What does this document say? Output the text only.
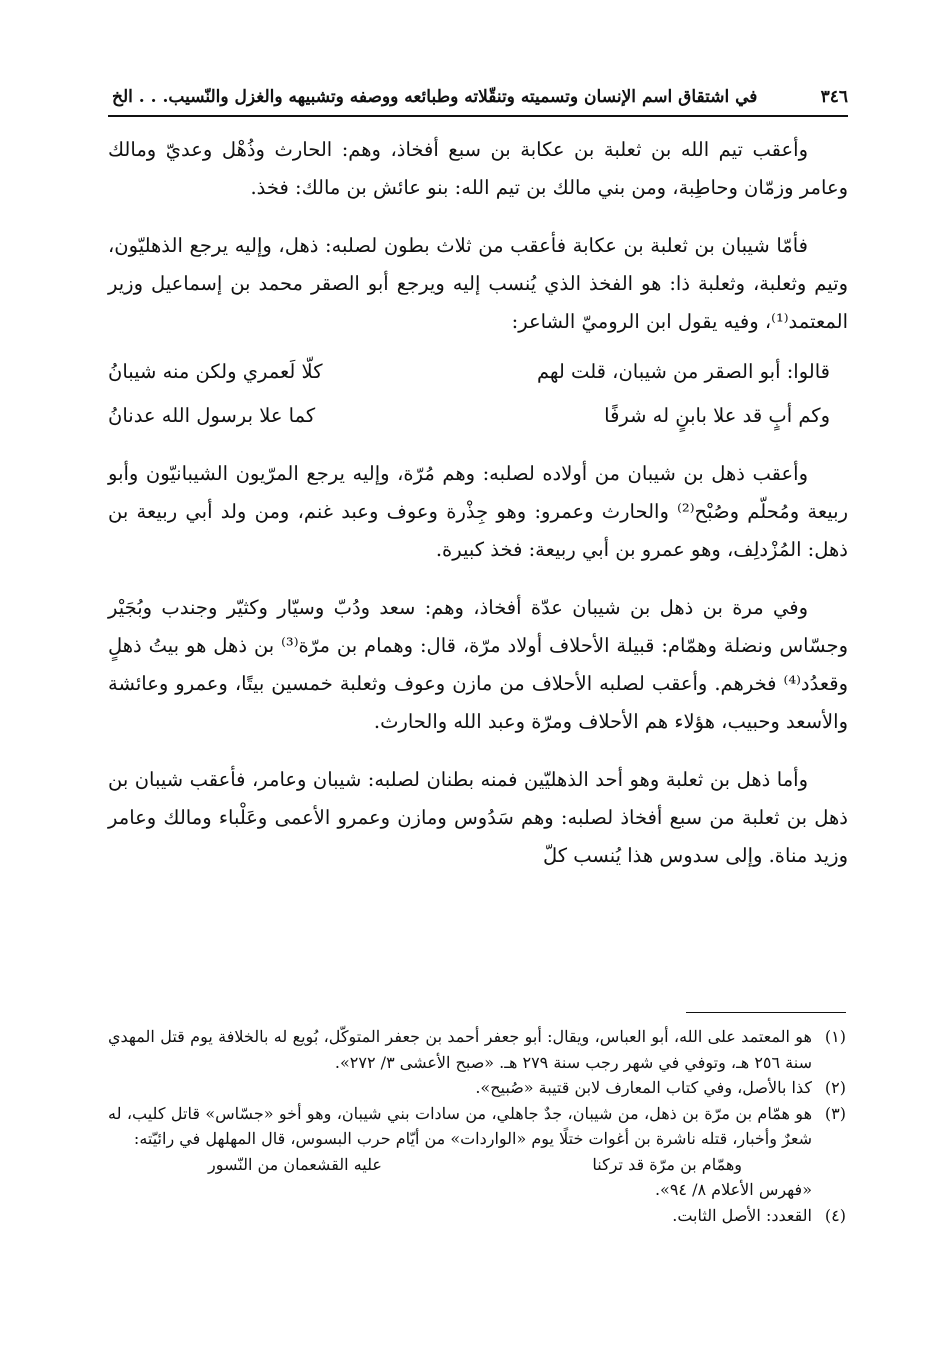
٣٤٦
في اشتقاق اسم الإنسان وتسميته وتنقّلاته وطبائعه ووصفه وتشبيهه والغزل والنّسيب. . . الخ

وأعقب تيم الله بن ثعلبة بن عكابة بن سبع أفخاذ، وهم: الحارث وذُهْل وعديّ ومالك وعامر وزمّان وحاطِبة، ومن بني مالك بن تيم الله: بنو عائش بن مالك: فخذ.

فأمّا شيبان بن ثعلبة بن عكابة فأعقب من ثلاث بطون لصلبه: ذهل، وإليه يرجع الذهليّون، وتيم وثعلبة، وثعلبة ذا: هو الفخذ الذي يُنسب إليه ويرجع أبو الصقر محمد بن إسماعيل وزير المعتمد⁽¹⁾، وفيه يقول ابن الروميّ الشاعر:

قالوا: أبو الصقر من شيبان، قلت لهم
كلّا لَعمري ولكن منه شيبانُ
وكم أبٍ قد علا بابنٍ له شرفًا
كما علا برسول الله عدنانُ

وأعقب ذهل بن شيبان من أولاده لصلبه: وهم مُرّة، وإليه يرجع المرّيون الشيبانيّون وأبو ربيعة ومُحلّم وصُبْح⁽²⁾ والحارث وعمرو: وهو جِذْرة وعوف وعبد غنم، ومن ولد أبي ربيعة بن ذهل: المُزْدلِف، وهو عمرو بن أبي ربيعة: فخذ كبيرة.

وفي مرة بن ذهل بن شيبان عدّة أفخاذ، وهم: سعد ودُبّ وسيّار وكثيّر وجندب وبُجَيْر وجسّاس ونضلة وهمّام: قبيلة الأحلاف أولاد مرّة، قال: وهمام بن مرّة⁽³⁾ بن ذهل هو بيتُ ذهلٍ وقعدُد⁽⁴⁾ فخرهم. وأعقب لصلبه الأحلاف من مازن وعوف وثعلبة خمسين بيتًا، وعمرو وعائشة والأسعد وحبيب، هؤلاء هم الأحلاف ومرّة وعبد الله والحارث.

وأما ذهل بن ثعلبة وهو أحد الذهليّين فمنه بطنان لصلبه: شيبان وعامر، فأعقب شيبان بن ذهل بن ثعلبة من سبع أفخاذ لصلبه: وهم سَدُوس ومازن وعمرو الأعمى وعَلْباء ومالك وعامر وزيد مناة. وإلى سدوس هذا يُنسب كلّ

(١)
هو المعتمد على الله، أبو العباس، ويقال: أبو جعفر أحمد بن جعفر المتوكّل، بُويع له بالخلافة يوم قتل المهدي سنة ٢٥٦ هـ، وتوفي في شهر رجب سنة ٢٧٩ هـ. «صبح الأعشى ٣/ ٢٧٢».
(٢)
كذا بالأصل، وفي كتاب المعارف لابن قتيبة «صُبيح».
(٣)
هو همّام بن مرّة بن ذهل، من شيبان، جدٌ جاهلي، من سادات بني شيبان، وهو أخو «جسّاس» قاتل كليب، له شعرٌ وأخبار، قتله ناشرة بن أغوات ختلًا يوم «الواردات» من أيّام حرب البسوس، قال المهلهل في رائيّته:
وهمّام بن مرّة قد تركنا
عليه القشعمان من النّسور
«فهرس الأعلام ٨/ ٩٤».
(٤)
القعدد: الأصل الثابت.
